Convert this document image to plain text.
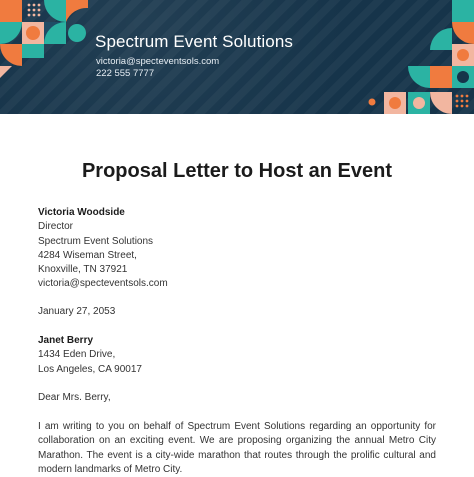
Spectrum Event Solutions
victoria@specteventsols.com
222 555 7777
Proposal Letter to Host an Event
Victoria Woodside
Director
Spectrum Event Solutions
4284 Wiseman Street,
Knoxville, TN 37921
victoria@specteventsols.com
January 27, 2053
Janet Berry
1434 Eden Drive,
Los Angeles, CA 90017
Dear Mrs. Berry,
I am writing to you on behalf of Spectrum Event Solutions regarding an opportunity for collaboration on an exciting event. We are proposing organizing the annual Metro City Marathon. The event is a city-wide marathon that routes through the prolific cultural and modern landmarks of Metro City.
